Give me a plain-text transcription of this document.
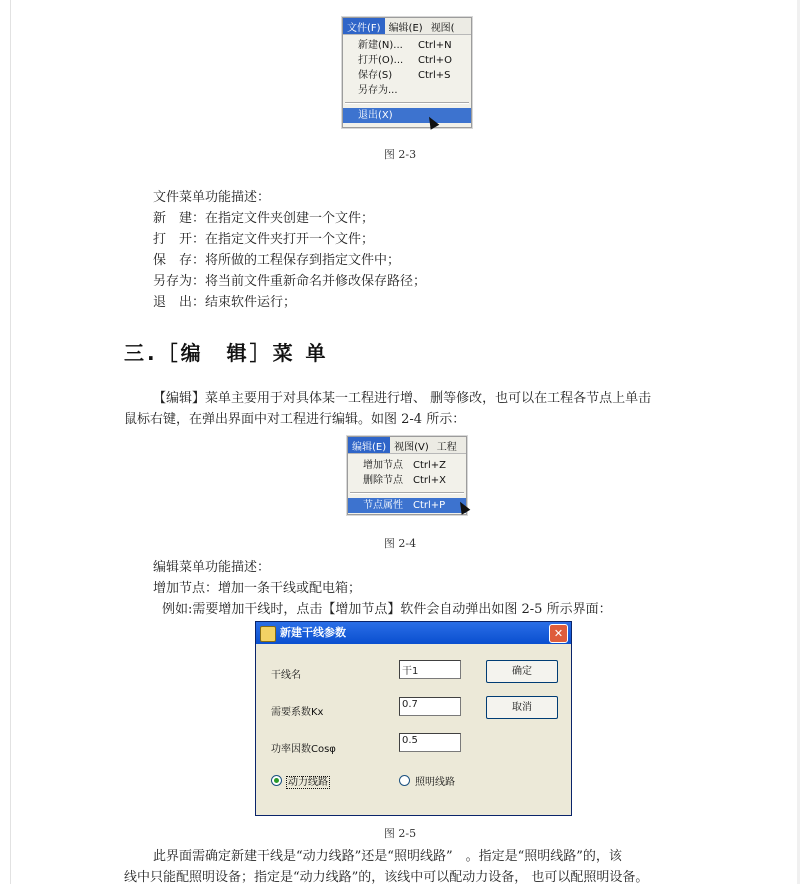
文件(F) 编辑(E) 视图(
新建(N)...	Ctrl+N
打开(O)...	Ctrl+O
保存(S)	Ctrl+S
另存为...
退出(X)
图 2-3
文件菜单功能描述：
新　建：在指定文件夹创建一个文件；
打　开：在指定文件夹打开一个文件；
保　存：将所做的工程保存到指定文件中；
另存为：将当前文件重新命名并修改保存路径；
退　出：结束软件运行；
三.［编　辑］菜 单
【编辑】菜单主要用于对具体某一工程进行增、 删等修改，也可以在工程各节点上单击
鼠标右键，在弹出界面中对工程进行编辑。如图 2-4 所示：
编辑(E) 视图(V) 工程
增加节点	Ctrl+Z
删除节点	Ctrl+X
节点属性	Ctrl+P
图 2-4
编辑菜单功能描述：
增加节点：增加一条干线或配电箱；
例如:需要增加干线时，点击【增加节点】软件会自动弹出如图 2-5 所示界面：
新建干线参数	✕
干线名	干1
需要系数Kx
0.7
功率因数Cosφ
0.5
确定
取消
动力线路	照明线路
图 2-5
此界面需确定新建干线是“动力线路”还是“照明线路”　。指定是“照明线路”的，该
线中只能配照明设备；指定是“动力线路”的，该线中可以配动力设备， 也可以配照明设备。
